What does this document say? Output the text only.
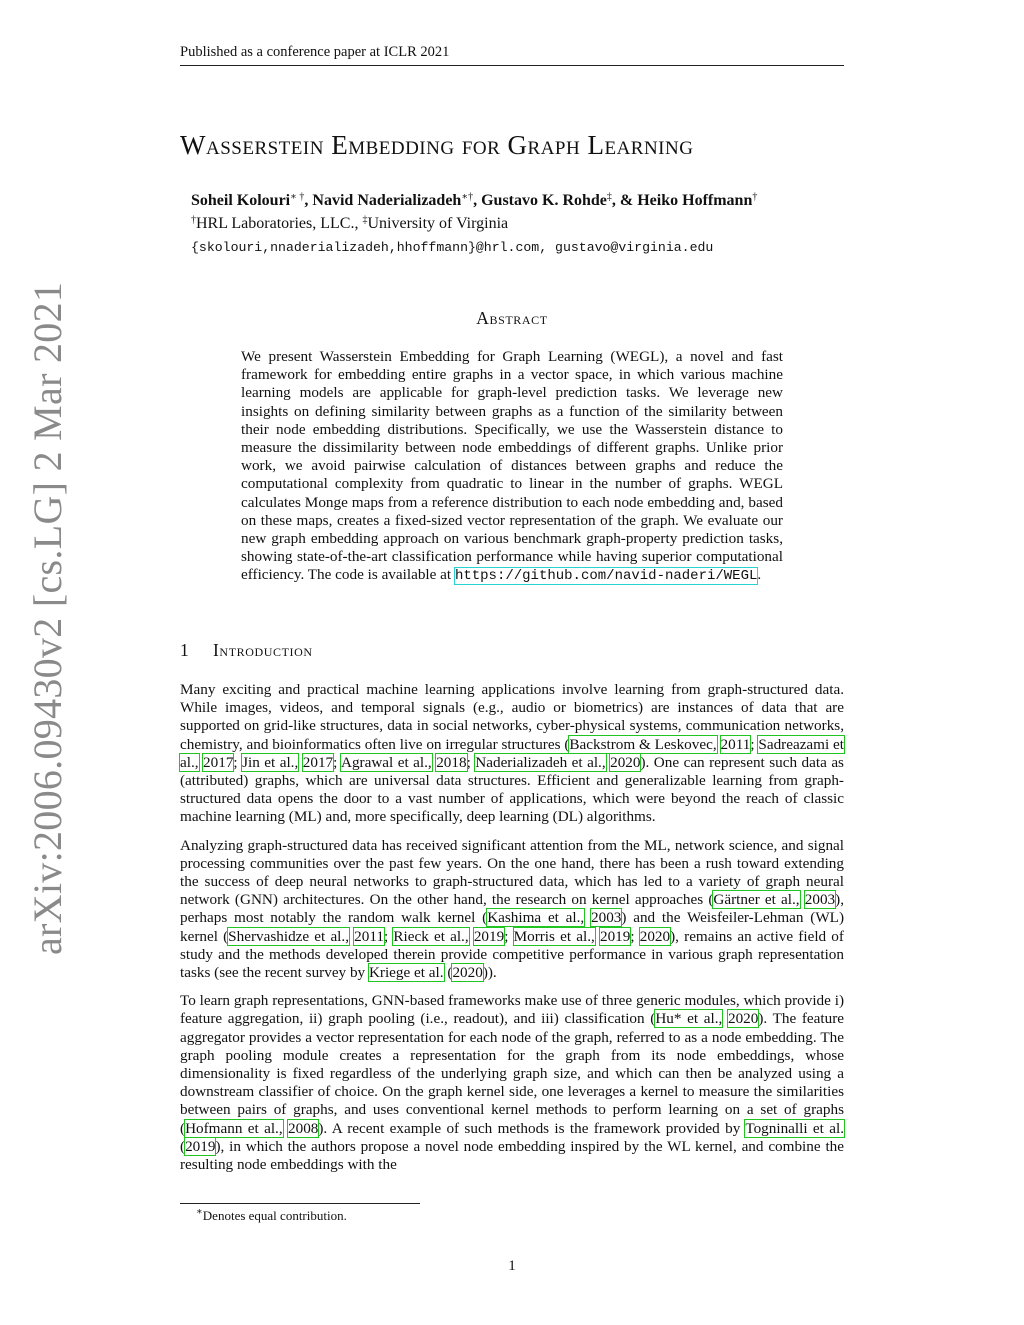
Published as a conference paper at ICLR 2021
Wasserstein Embedding for Graph Learning
Soheil Kolouri∗ †, Navid Naderializadeh∗†, Gustavo K. Rohde‡, & Heiko Hoffmann†
†HRL Laboratories, LLC., ‡University of Virginia
{skolouri,nnaderializadeh,hhoffmann}@hrl.com, gustavo@virginia.edu
Abstract
We present Wasserstein Embedding for Graph Learning (WEGL), a novel and fast framework for embedding entire graphs in a vector space, in which various machine learning models are applicable for graph-level prediction tasks. We leverage new insights on defining similarity between graphs as a function of the similarity between their node embedding distributions. Specifically, we use the Wasserstein distance to measure the dissimilarity between node embeddings of different graphs. Unlike prior work, we avoid pairwise calculation of distances between graphs and reduce the computational complexity from quadratic to linear in the number of graphs. WEGL calculates Monge maps from a reference distribution to each node embedding and, based on these maps, creates a fixed-sized vector representation of the graph. We evaluate our new graph embedding approach on various benchmark graph-property prediction tasks, showing state-of-the-art classification performance while having superior computational efficiency. The code is available at https://github.com/navid-naderi/WEGL.
1 Introduction

Many exciting and practical machine learning applications involve learning from graph-structured data. While images, videos, and temporal signals (e.g., audio or biometrics) are instances of data that are supported on grid-like structures, data in social networks, cyber-physical systems, communication networks, chemistry, and bioinformatics often live on irregular structures (Backstrom & Leskovec, 2011; Sadreazami et al., 2017; Jin et al., 2017; Agrawal et al., 2018; Naderializadeh et al., 2020). One can represent such data as (attributed) graphs, which are universal data structures. Efficient and generalizable learning from graph-structured data opens the door to a vast number of applications, which were beyond the reach of classic machine learning (ML) and, more specifically, deep learning (DL) algorithms.

Analyzing graph-structured data has received significant attention from the ML, network science, and signal processing communities over the past few years. On the one hand, there has been a rush toward extending the success of deep neural networks to graph-structured data, which has led to a variety of graph neural network (GNN) architectures. On the other hand, the research on kernel approaches (Gärtner et al., 2003), perhaps most notably the random walk kernel (Kashima et al., 2003) and the Weisfeiler-Lehman (WL) kernel (Shervashidze et al., 2011; Rieck et al., 2019; Morris et al., 2019; 2020), remains an active field of study and the methods developed therein provide competitive performance in various graph representation tasks (see the recent survey by Kriege et al. (2020)).

To learn graph representations, GNN-based frameworks make use of three generic modules, which provide i) feature aggregation, ii) graph pooling (i.e., readout), and iii) classification (Hu* et al., 2020). The feature aggregator provides a vector representation for each node of the graph, referred to as a node embedding. The graph pooling module creates a representation for the graph from its node embeddings, whose dimensionality is fixed regardless of the underlying graph size, and which can then be analyzed using a downstream classifier of choice. On the graph kernel side, one leverages a kernel to measure the similarities between pairs of graphs, and uses conventional kernel methods to perform learning on a set of graphs (Hofmann et al., 2008). A recent example of such methods is the framework provided by Togninalli et al. (2019), in which the authors propose a novel node embedding inspired by the WL kernel, and combine the resulting node embeddings with the

∗Denotes equal contribution.
1
arXiv:2006.09430v2 [cs.LG] 2 Mar 2021
